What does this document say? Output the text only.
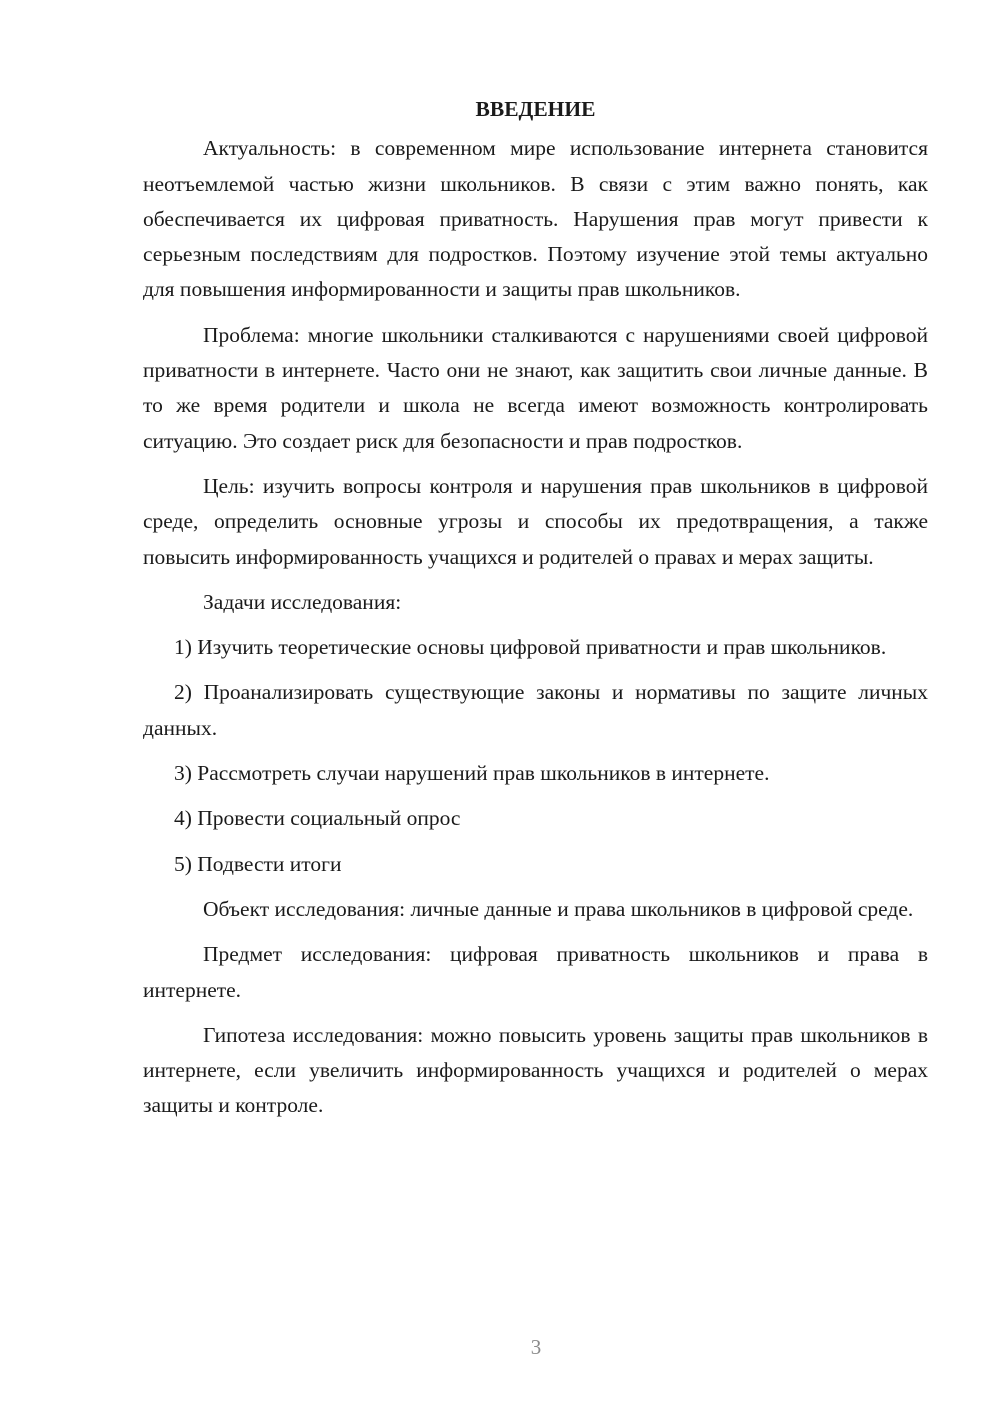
ВВЕДЕНИЕ

Актуальность: в современном мире использование интернета становится неотъемлемой частью жизни школьников. В связи с этим важно понять, как обеспечивается их цифровая приватность. Нарушения прав могут привести к серьезным последствиям для подростков. Поэтому изучение этой темы актуально для повышения информированности и защиты прав школьников.

Проблема: многие школьники сталкиваются с нарушениями своей цифровой приватности в интернете. Часто они не знают, как защитить свои личные данные. В то же время родители и школа не всегда имеют возможность контролировать ситуацию. Это создает риск для безопасности и прав подростков.

Цель: изучить вопросы контроля и нарушения прав школьников в цифровой среде, определить основные угрозы и способы их предотвращения, а также повысить информированность учащихся и родителей о правах и мерах защиты.

Задачи исследования:

1) Изучить теоретические основы цифровой приватности и прав школьников.

2) Проанализировать существующие законы и нормативы по защите личных данных.

3) Рассмотреть случаи нарушений прав школьников в интернете.

4) Провести социальный опрос

5) Подвести итоги

Объект исследования: личные данные и права школьников в цифровой среде.

Предмет исследования: цифровая приватность школьников и права в интернете.

Гипотеза исследования: можно повысить уровень защиты прав школьников в интернете, если увеличить информированность учащихся и родителей о мерах защиты и контроле.

3
